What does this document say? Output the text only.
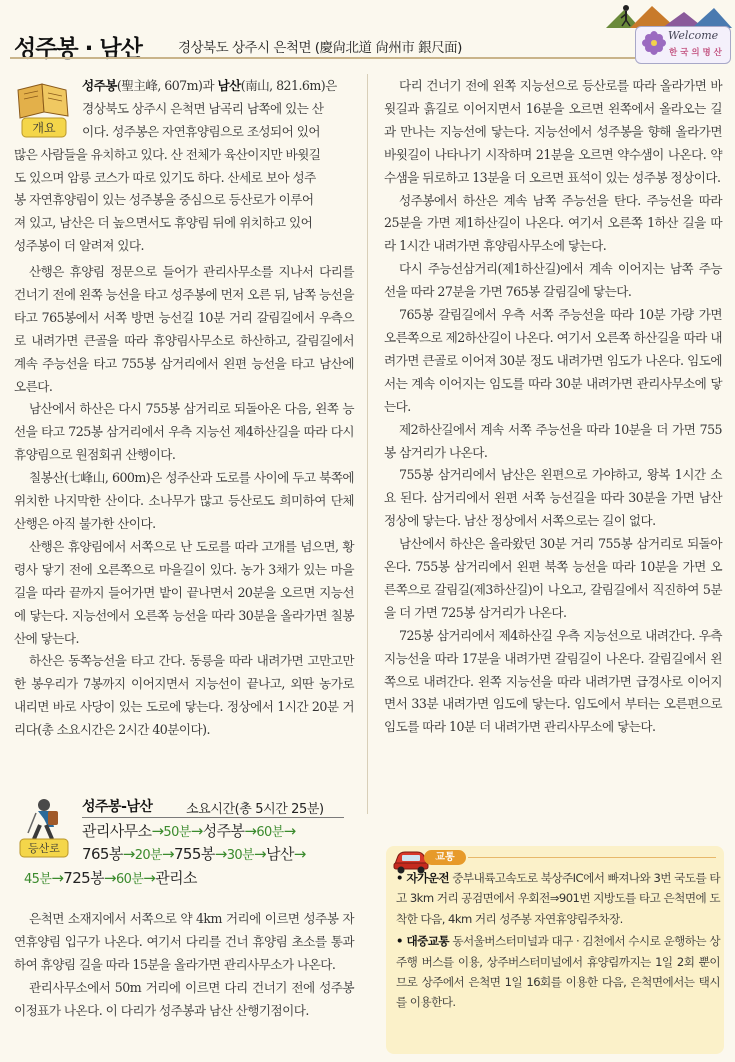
성주봉 · 남산	경상북도 상주시 은척면 (慶尙北道 尙州市 銀尺面)
Welcome
한 국 의 명 산
개요
성주봉(聖主峰, 607m)과 남산(南山, 821.6m)은
경상북도 상주시 은척면 남곡리 남쪽에 있는 산
이다. 성주봉은 자연휴양림으로 조성되어 있어
많은 사람들을 유치하고 있다. 산 전체가 육산이지만 바윗길
도 있으며 암릉 코스가 따로 있기도 하다. 산세로 보아 성주
봉 자연휴양림이 있는 성주봉을 중심으로 등산로가 이루어
져 있고, 남산은 더 높으면서도 휴양림 뒤에 위치하고 있어
성주봉이 더 알려져 있다.

산행은 휴양림 정문으로 들어가 관리사무소를 지나서 다리를 건너기 전에 왼쪽 능선을 타고 성주봉에 먼저 오른 뒤, 남쪽 능선을 타고 765봉에서 서쪽 방면 능선길 10분 거리 갈림길에서 우측으로 내려가면 큰골을 따라 휴양림사무소로 하산하고, 갈림길에서 계속 주능선을 타고 755봉 삼거리에서 왼편 능선을 타고 남산에 오른다.

남산에서 하산은 다시 755봉 삼거리로 되돌아온 다음, 왼쪽 능선을 타고 725봉 삼거리에서 우측 지능선 제4하산길을 따라 다시 휴양림으로 원점회귀 산행이다.

칠봉산(七峰山, 600m)은 성주산과 도로를 사이에 두고 북쪽에 위치한 나지막한 산이다. 소나무가 많고 등산로도 희미하여 단체산행은 아직 불가한 산이다.

산행은 휴양림에서 서쪽으로 난 도로를 따라 고개를 넘으면, 황령사 닿기 전에 오른쪽으로 마을길이 있다. 농가 3채가 있는 마을길을 따라 끝까지 들어가면 밭이 끝나면서 20분을 오르면 지능선에 닿는다. 지능선에서 오른쪽 능선을 따라 30분을 올라가면 칠봉산에 닿는다.

하산은 동쪽능선을 타고 간다. 동릉을 따라 내려가면 고만고만한 봉우리가 7봉까지 이어지면서 지능선이 끝나고, 외딴 농가로 내리면 바로 사당이 있는 도로에 닿는다. 정상에서 1시간 20분 거리다(총 소요시간은 2시간 40분이다).

등산로
성주봉-남산	소요시간(총 5시간 25분)
관리사무소→50분→성주봉→60분→
765봉→20분→755봉→30분→남산→
45분→725봉→60분→관리소

은척면 소재지에서 서쪽으로 약 4km 거리에 이르면 성주봉 자연휴양림 입구가 나온다. 여기서 다리를 건너 휴양림 초소를 통과하여 휴양림 길을 따라 15분을 올라가면 관리사무소가 나온다.

관리사무소에서 50m 거리에 이르면 다리 건너기 전에 성주봉 이정표가 나온다. 이 다리가 성주봉과 남산 산행기점이다.

다리 건너기 전에 왼쪽 지능선으로 등산로를 따라 올라가면 바윗길과 흙길로 이어지면서 16분을 오르면 왼쪽에서 올라오는 길과 만나는 지능선에 닿는다. 지능선에서 성주봉을 향해 올라가면 바윗길이 나타나기 시작하며 21분을 오르면 약수샘이 나온다. 약수샘을 뒤로하고 13분을 더 오르면 표석이 있는 성주봉 정상이다.

성주봉에서 하산은 계속 남쪽 주능선을 탄다. 주능선을 따라 25분을 가면 제1하산길이 나온다. 여기서 오른쪽 1하산 길을 따라 1시간 내려가면 휴양림사무소에 닿는다.

다시 주능선삼거리(제1하산길)에서 계속 이어지는 남쪽 주능선을 따라 27분을 가면 765봉 갈림길에 닿는다.

765봉 갈림길에서 우측 서쪽 주능선을 따라 10분 가량 가면 오른쪽으로 제2하산길이 나온다. 여기서 오른쪽 하산길을 따라 내려가면 큰골로 이어져 30분 정도 내려가면 임도가 나온다. 임도에서는 계속 이어지는 임도를 따라 30분 내려가면 관리사무소에 닿는다.

제2하산길에서 계속 서쪽 주능선을 따라 10분을 더 가면 755봉 삼거리가 나온다.

755봉 삼거리에서 남산은 왼편으로 가야하고, 왕복 1시간 소요 된다. 삼거리에서 왼편 서쪽 능선길을 따라 30분을 가면 남산 정상에 닿는다. 남산 정상에서 서쪽으로는 길이 없다.

남산에서 하산은 올라왔던 30분 거리 755봉 삼거리로 되돌아온다. 755봉 삼거리에서 왼편 북쪽 능선을 따라 10분을 가면 오른쪽으로 갈림길(제3하산길)이 나오고, 갈림길에서 직진하여 5분을 더 가면 725봉 삼거리가 나온다.

725봉 삼거리에서 제4하산길 우측 지능선으로 내려간다. 우측 지능선을 따라 17분을 내려가면 갈림길이 나온다. 갈림길에서 왼쪽으로 내려간다. 왼쪽 지능선을 따라 내려가면 급경사로 이어지면서 33분 내려가면 임도에 닿는다. 임도에서 부터는 오른편으로 임도를 따라 10분 더 내려가면 관리사무소에 닿는다.

교통

• 자가운전 중부내륙고속도로 북상주IC에서 빠져나와 3번 국도를 타고 3km 거리 공검면에서 우회전⇒901번 지방도를 타고 은척면에 도착한 다음, 4km 거리 성주봉 자연휴양림주차장.

• 대중교통 동서울버스터미널과 대구 · 김천에서 수시로 운행하는 상주행 버스를 이용, 상주버스터미널에서 휴양림까지는 1일 2회 뿐이므로 상주에서 은척면 1일 16회를 이용한 다음, 은척면에서는 택시를 이용한다.
